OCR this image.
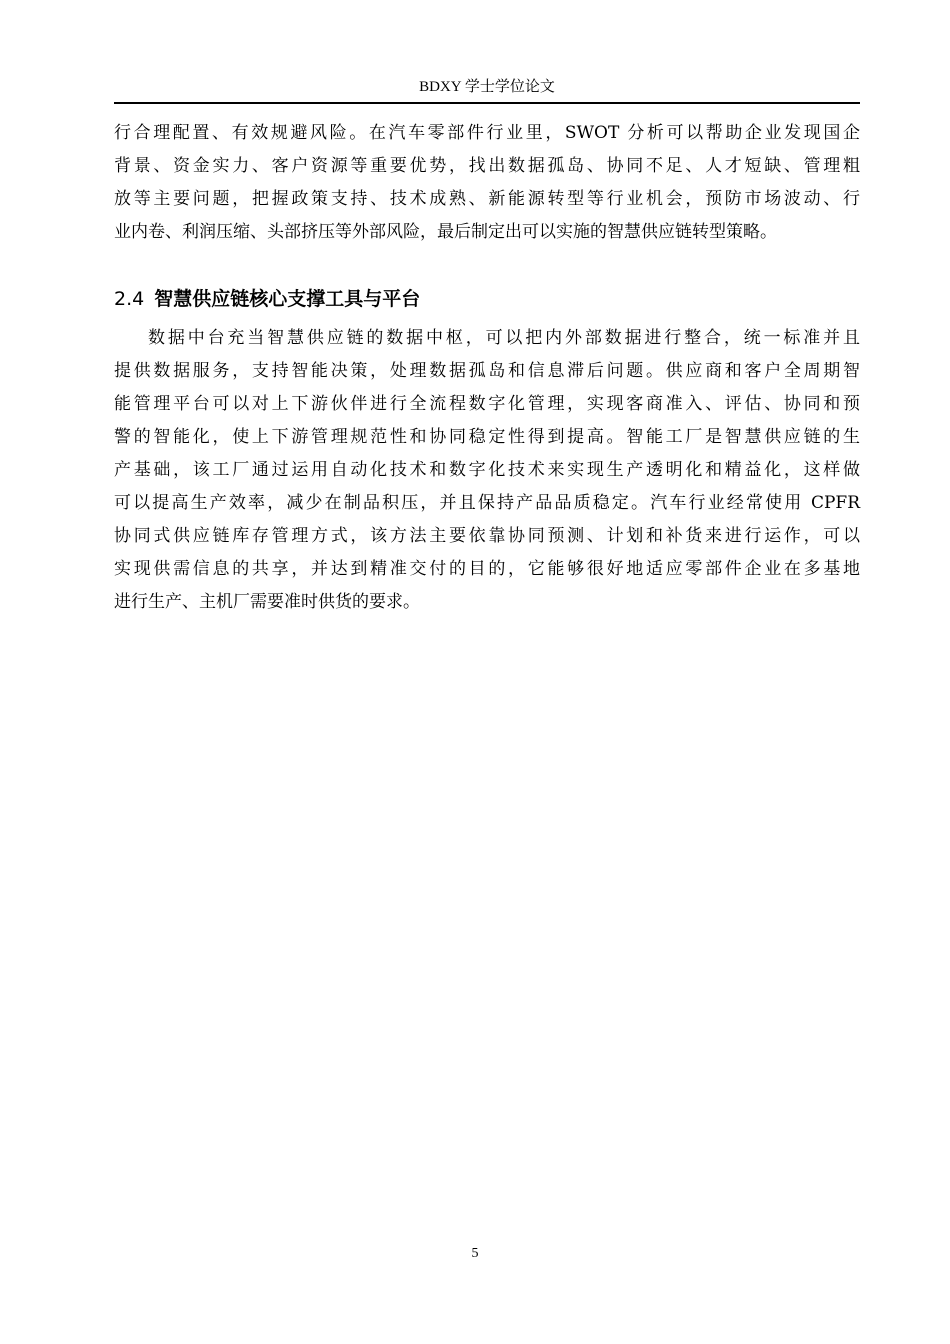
BDXY 学士学位论文
行合理配置、有效规避风险。在汽车零部件行业里，SWOT 分析可以帮助企业发现国企
背景、资金实力、客户资源等重要优势，找出数据孤岛、协同不足、人才短缺、管理粗
放等主要问题，把握政策支持、技术成熟、新能源转型等行业机会，预防市场波动、行
业内卷、利润压缩、头部挤压等外部风险，最后制定出可以实施的智慧供应链转型策略。
2.4 智慧供应链核心支撑工具与平台
数据中台充当智慧供应链的数据中枢，可以把内外部数据进行整合，统一标准并且
提供数据服务，支持智能决策，处理数据孤岛和信息滞后问题。供应商和客户全周期智
能管理平台可以对上下游伙伴进行全流程数字化管理，实现客商准入、评估、协同和预
警的智能化，使上下游管理规范性和协同稳定性得到提高。智能工厂是智慧供应链的生
产基础，该工厂通过运用自动化技术和数字化技术来实现生产透明化和精益化，这样做
可以提高生产效率，减少在制品积压，并且保持产品品质稳定。汽车行业经常使用 CPFR
协同式供应链库存管理方式，该方法主要依靠协同预测、计划和补货来进行运作，可以
实现供需信息的共享，并达到精准交付的目的，它能够很好地适应零部件企业在多基地
进行生产、主机厂需要准时供货的要求。
5
